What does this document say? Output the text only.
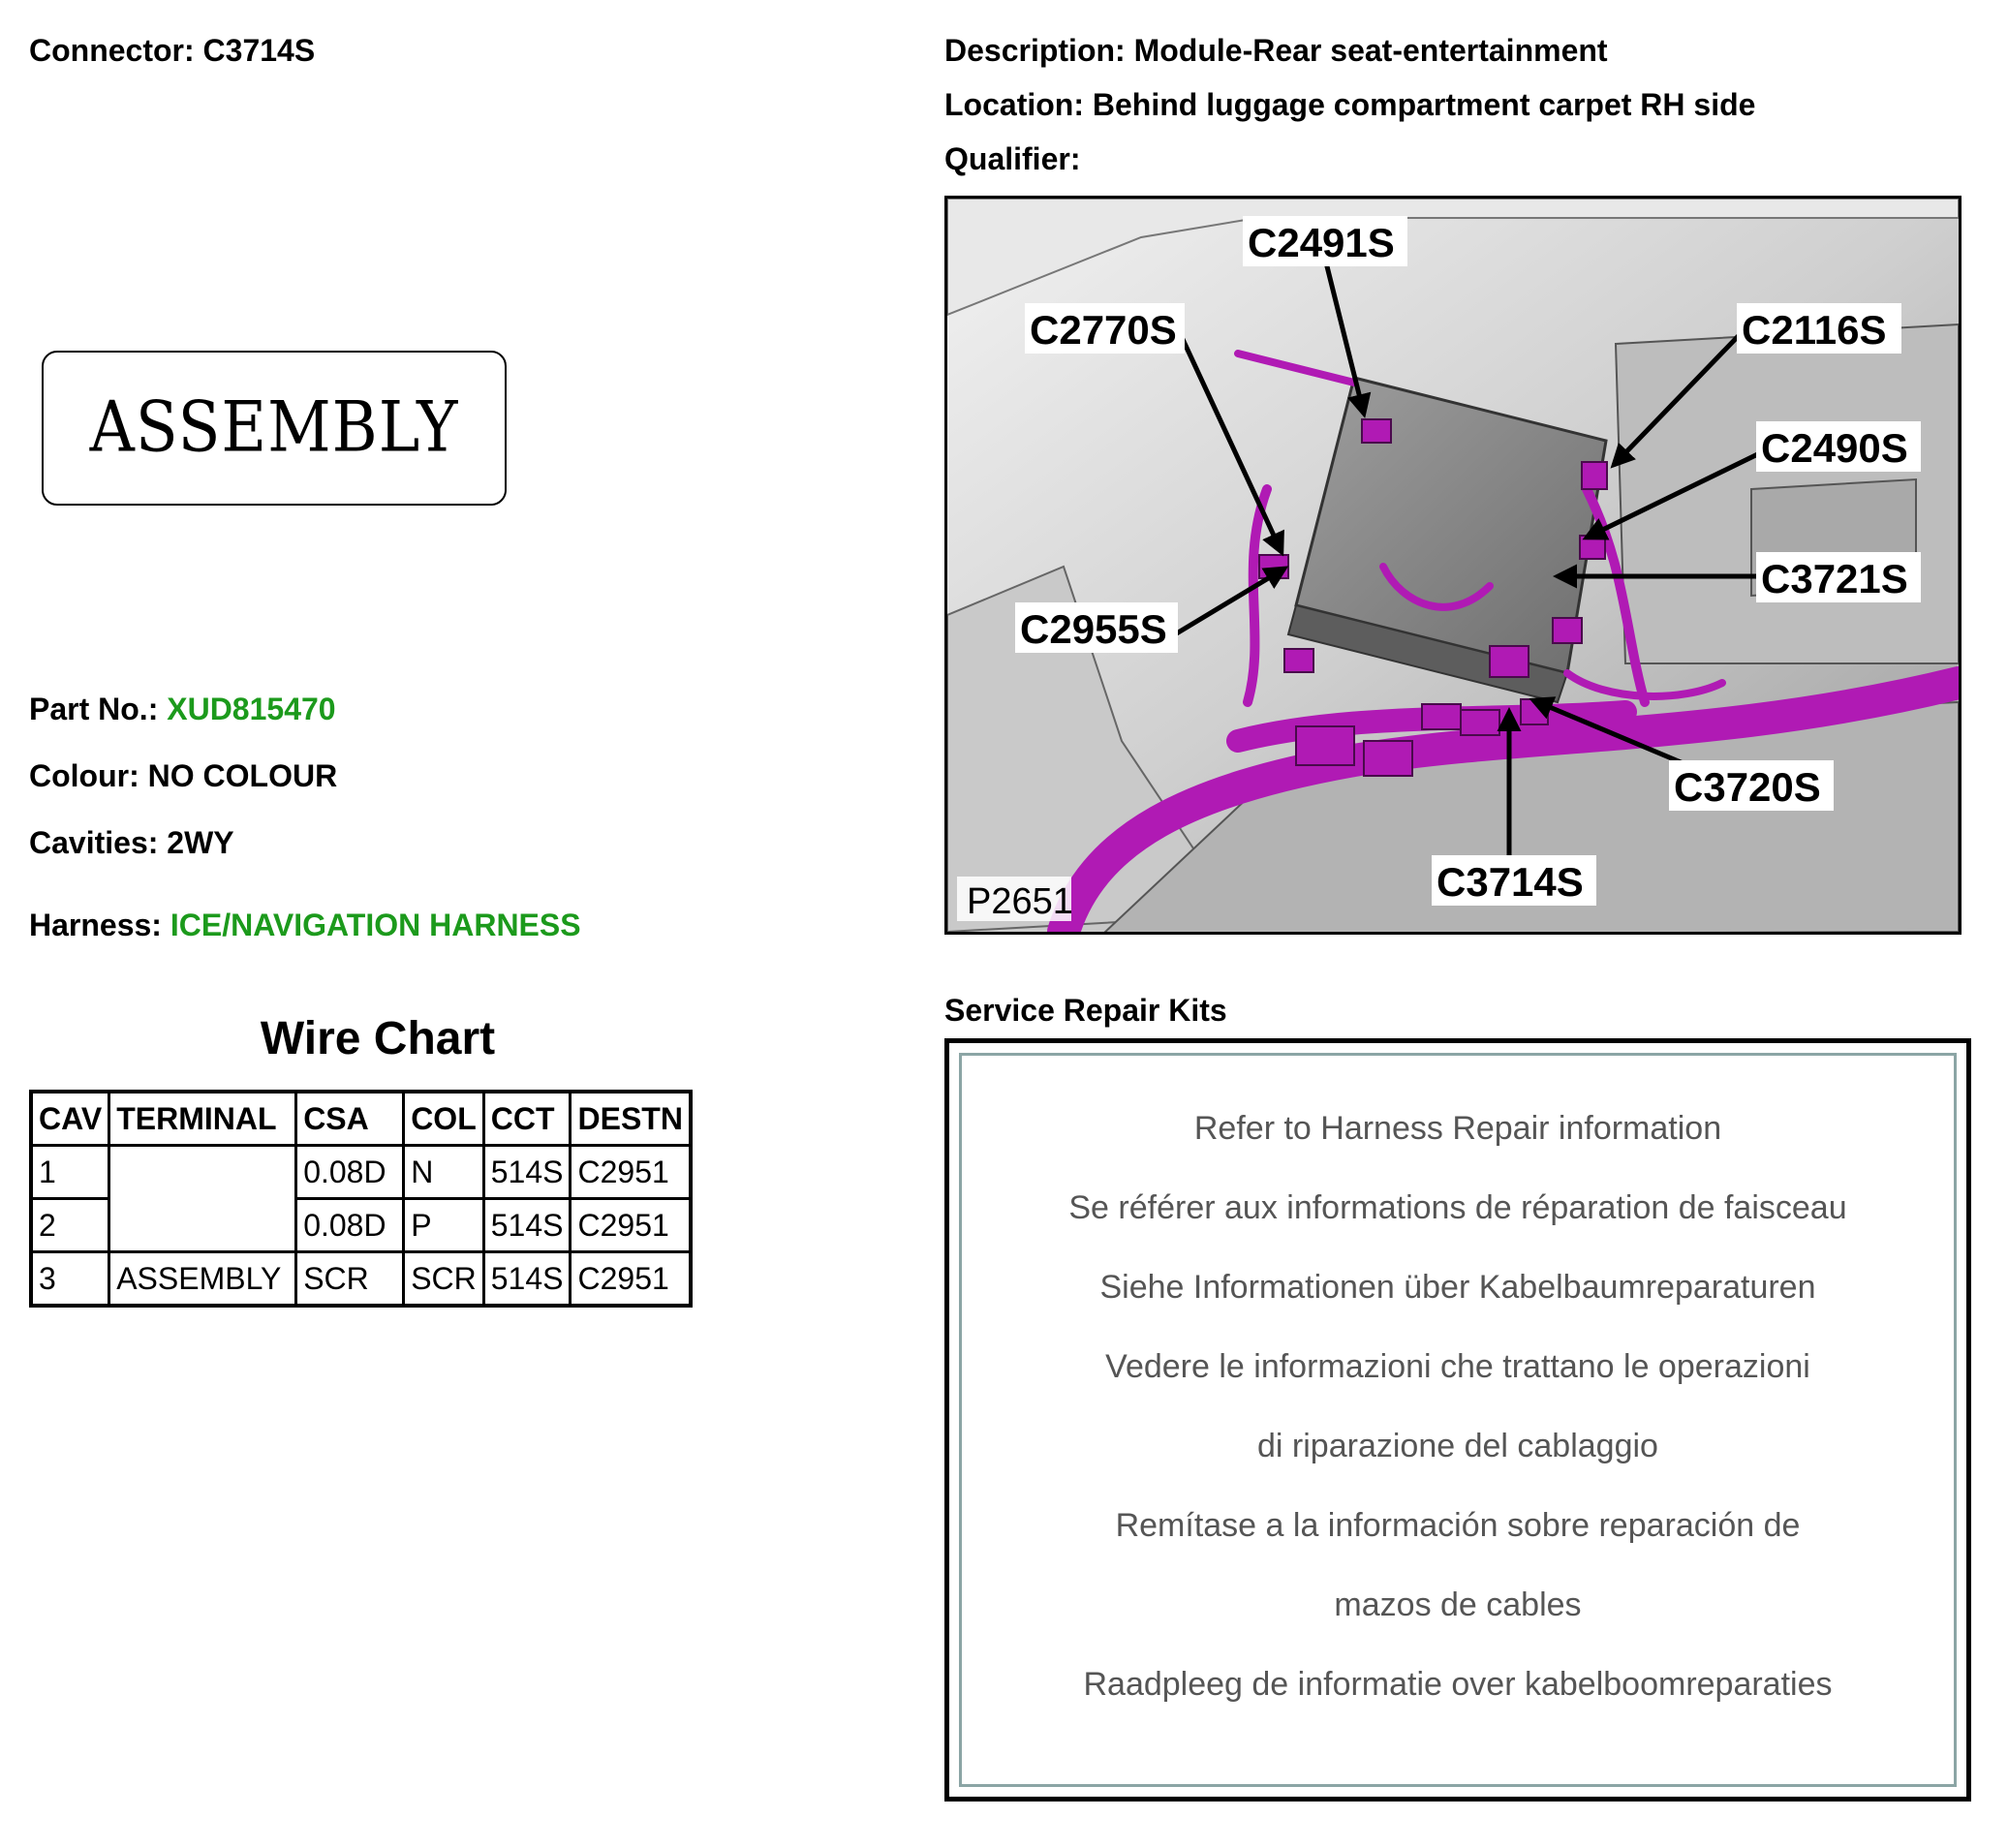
Connector: C3714S	Description: Module-Rear seat-entertainment
Location: Behind luggage compartment carpet RH side
Qualifier:
ASSEMBLY
Part No.: XUD815470
Colour: NO COLOUR
Cavities: 2WY
Harness: ICE/NAVIGATION HARNESS
Wire Chart
CAV	TERMINAL	CSA	COL	CCT	DESTN
1		0.08D	N	514S	C2951
2		0.08D	P	514S	C2951
3	ASSEMBLY	SCR	SCR	514S	C2951
C2491S
C2770S	C2116S
C2490S
C3721S
C2955S
C3720S
C3714S
P2651
Service Repair Kits
Refer to Harness Repair information
Se référer aux informations de réparation de faisceau
Siehe Informationen über Kabelbaumreparaturen
Vedere le informazioni che trattano le operazioni
di riparazione del cablaggio
Remítase a la información sobre reparación de
mazos de cables
Raadpleeg de informatie over kabelboomreparaties
